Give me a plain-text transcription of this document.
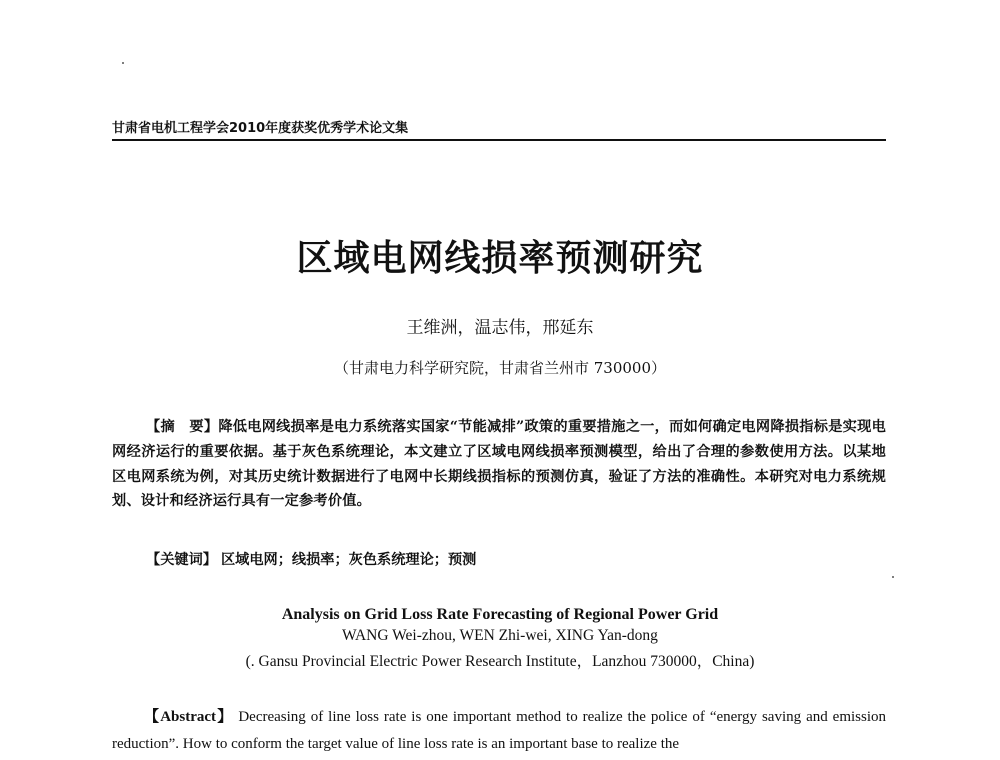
甘肃省电机工程学会2010年度获奖优秀学术论文集
区域电网线损率预测研究
王维洲，温志伟，邢延东
（甘肃电力科学研究院，甘肃省兰州市 730000）
【摘　要】降低电网线损率是电力系统落实国家“节能减排”政策的重要措施之一，而如何确定电网降损指标是实现电网经济运行的重要依据。基于灰色系统理论，本文建立了区域电网线损率预测模型，给出了合理的参数使用方法。以某地区电网系统为例，对其历史统计数据进行了电网中长期线损指标的预测仿真，验证了方法的准确性。本研究对电力系统规划、设计和经济运行具有一定参考价值。
【关键词】 区域电网；线损率；灰色系统理论；预测
Analysis on Grid Loss Rate Forecasting of Regional Power Grid
WANG Wei-zhou, WEN Zhi-wei, XING Yan-dong
(. Gansu Provincial Electric Power Research Institute，Lanzhou 730000，China)
【Abstract】 Decreasing of line loss rate is one important method to realize the police of “energy saving and emission reduction”. How to conform the target value of line loss rate is an important base to realize the
